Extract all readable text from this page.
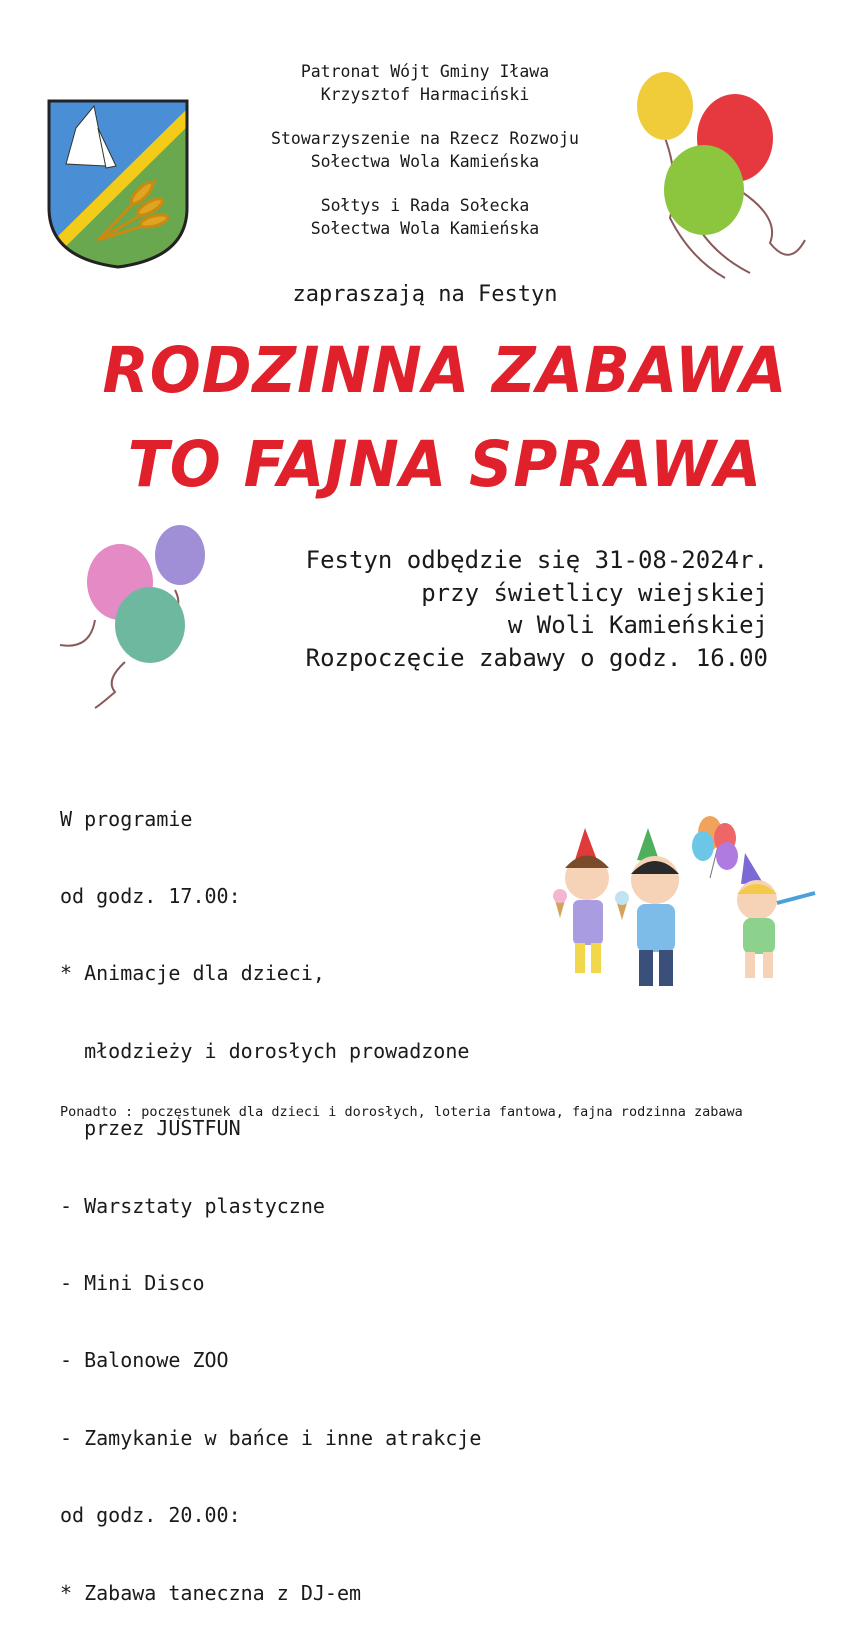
Patronat Wójt Gminy Iława
Krzysztof Harmaciński
Stowarzyszenie na Rzecz Rozwoju
Sołectwa Wola Kamieńska
Sołtys i Rada Sołecka
Sołectwa Wola Kamieńska
zapraszają na Festyn
RODZINNA ZABAWA
TO FAJNA SPRAWA
Festyn odbędzie się 31-08-2024r.
przy świetlicy wiejskiej
w Woli Kamieńskiej
Rozpoczęcie zabawy o godz. 16.00

W programie

od godz. 17.00:

* Animacje dla dzieci,

młodzieży i dorosłych prowadzone

przez JUSTFUN

- Warsztaty plastyczne

- Mini Disco

- Balonowe ZOO

- Zamykanie w bańce i inne atrakcje

od godz. 20.00:

* Zabawa taneczna z DJ-em

Ponadto : poczęstunek dla dzieci i dorosłych, loteria fantowa, fajna rodzinna zabawa
